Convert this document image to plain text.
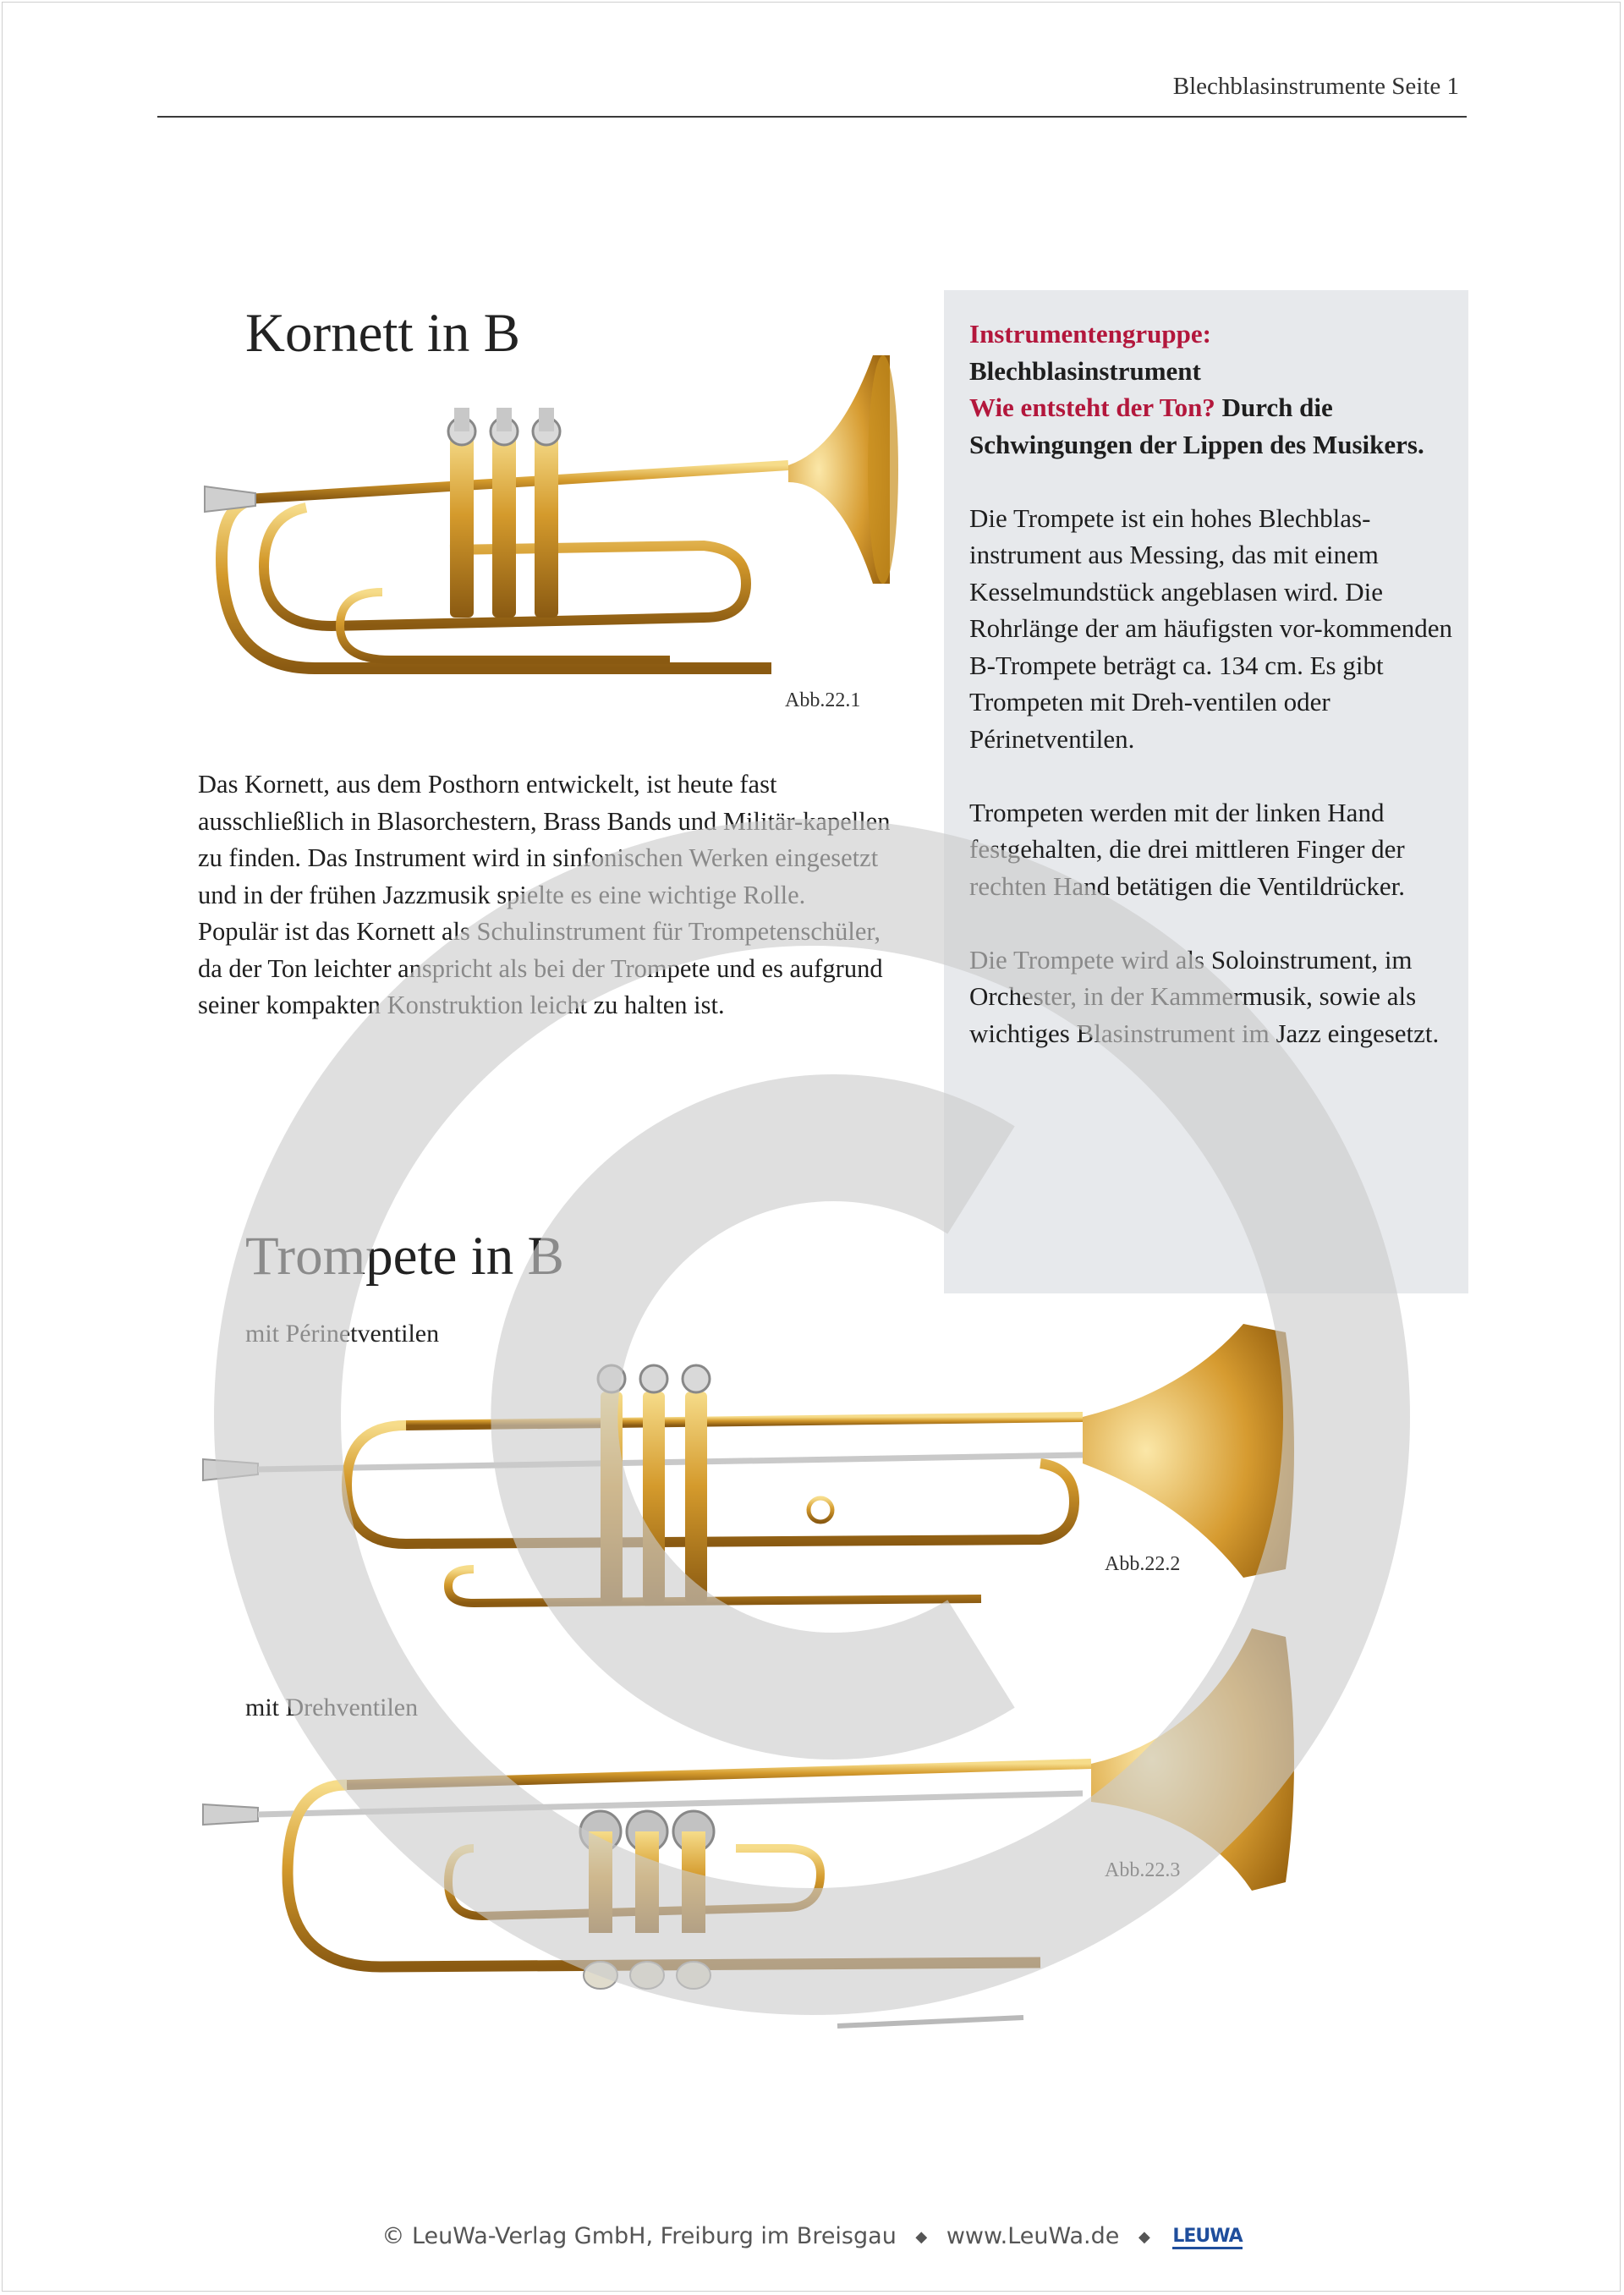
Blechblasinstrumente Seite 1

Instrumentengruppe:
Blechblasinstrument
Wie entsteht der Ton? Durch die Schwingungen der Lippen des Musikers.

Die Trompete ist ein hohes Blechblas-instrument aus Messing, das mit einem Kesselmundstück angeblasen wird. Die Rohrlänge der am häufigsten vor-kommenden B-Trompete beträgt ca. 134 cm. Es gibt Trompeten mit Dreh-ventilen oder Périnetventilen.

Trompeten werden mit der linken Hand festgehalten, die drei mittleren Finger der rechten Hand betätigen die Ventildrücker.

Die Trompete wird als Soloinstrument, im Orchester, in der Kammermusik, sowie als wichtiges Blasinstrument im Jazz eingesetzt.

Kornett in B
Abb.22.1

Das Kornett, aus dem Posthorn entwickelt, ist heute fast ausschließlich in Blasorchestern, Brass Bands und Militär-kapellen zu finden. Das Instrument wird in sinfonischen Werken eingesetzt und in der frühen Jazzmusik spielte es eine wichtige Rolle.

Populär ist das Kornett als Schulinstrument für Trompetenschüler, da der Ton leichter anspricht als bei der Trompete und es aufgrund seiner kompakten Konstruktion leicht zu halten ist.

Trompete in B
mit Périnetventilen
Abb.22.2
mit Drehventilen
Abb.22.3
© LeuWa-Verlag GmbH, Freiburg im Breisgau ◆ www.LeuWa.de ◆ LEUWA
